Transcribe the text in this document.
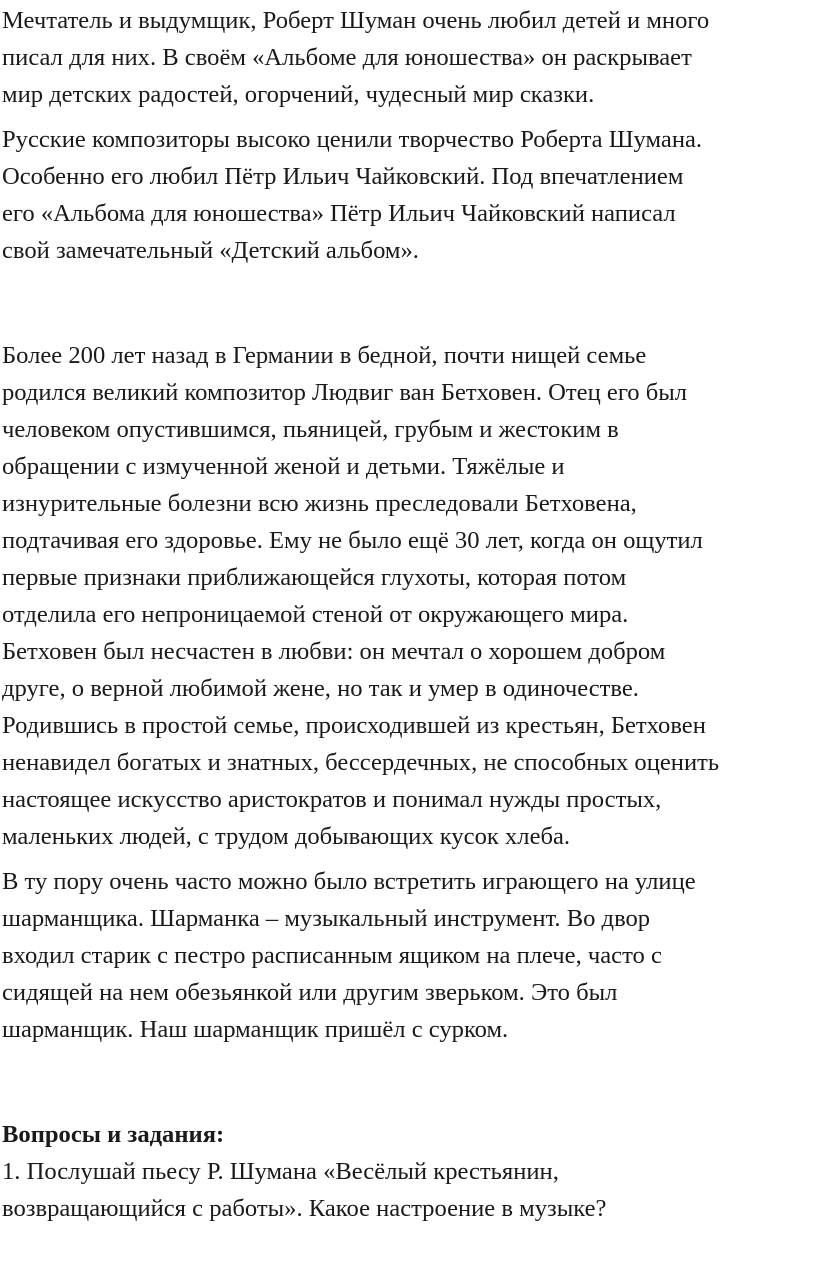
Мечтатель и выдумщик, Роберт Шуман очень любил детей и много
писал для них. В своём «Альбоме для юношества» он раскрывает
мир детских радостей, огорчений, чудесный мир сказки.
Русские композиторы высоко ценили творчество Роберта Шумана.
Особенно его любил Пётр Ильич Чайковский. Под впечатлением
его «Альбома для юношества» Пётр Ильич Чайковский написал
свой замечательный «Детский альбом».
Более 200 лет назад в Германии в бедной, почти нищей семье
родился великий композитор Людвиг ван Бетховен. Отец его был
человеком опустившимся, пьяницей, грубым и жестоким в
обращении с измученной женой и детьми. Тяжёлые и
изнурительные болезни всю жизнь преследовали Бетховена,
подтачивая его здоровье. Ему не было ещё 30 лет, когда он ощутил
первые признаки приближающейся глухоты, которая потом
отделила его непроницаемой стеной от окружающего мира.
Бетховен был несчастен в любви: он мечтал о хорошем добром
друге, о верной любимой жене, но так и умер в одиночестве.
Родившись в простой семье, происходившей из крестьян, Бетховен
ненавидел богатых и знатных, бессердечных, не способных оценить
настоящее искусство аристократов и понимал нужды простых,
маленьких людей, с трудом добывающих кусок хлеба.
В ту пору очень часто можно было встретить играющего на улице
шарманщика. Шарманка – музыкальный инструмент. Во двор
входил старик с пестро расписанным ящиком на плече, часто с
сидящей на нем обезьянкой или другим зверьком. Это был
шарманщик. Наш шарманщик пришёл с сурком.
Вопросы и задания:
1. Послушай пьесу Р. Шумана «Весёлый крестьянин,
возвращающийся с работы». Какое настроение в музыке?
